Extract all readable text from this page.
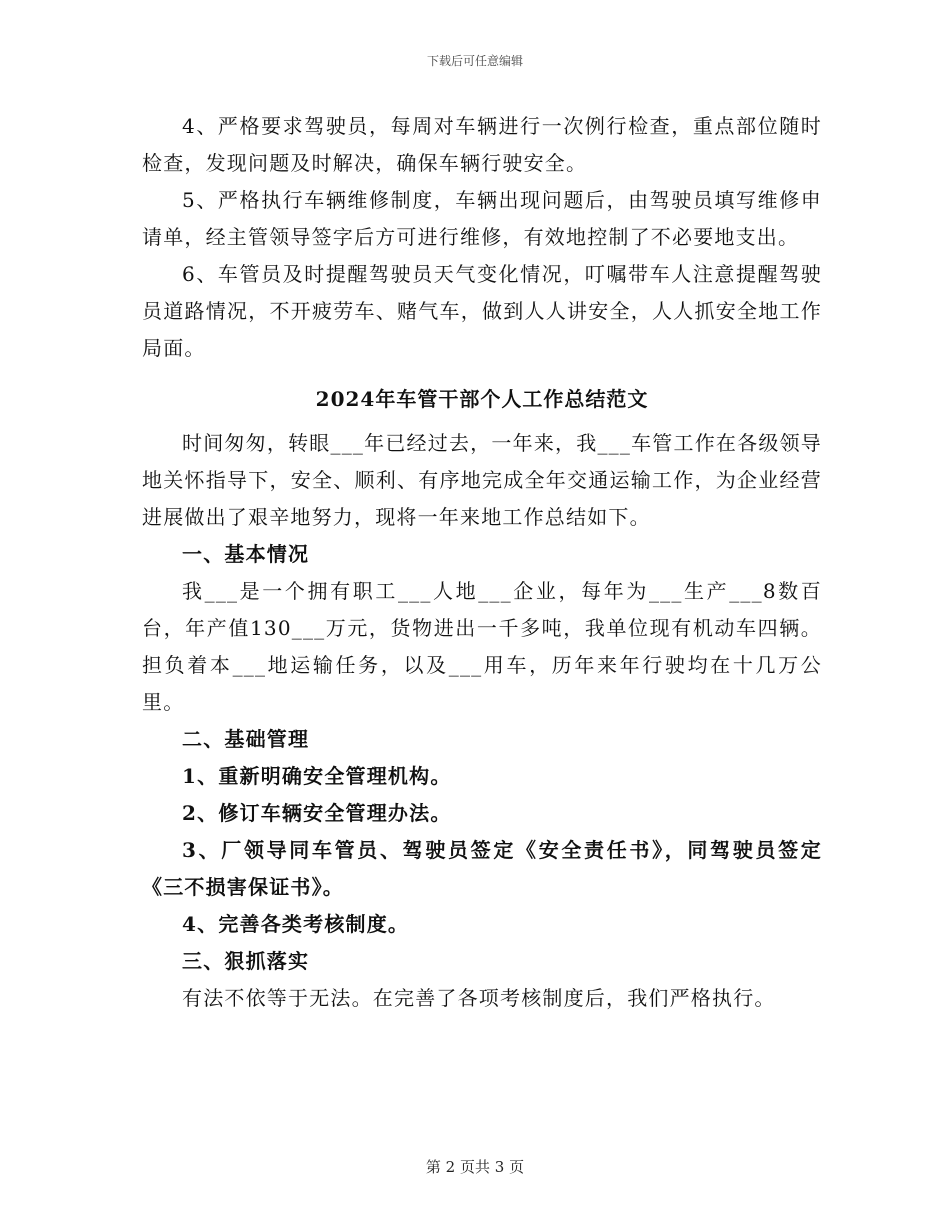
下载后可任意编辑

4、严格要求驾驶员，每周对车辆进行一次例行检查，重点部位随时检查，发现问题及时解决，确保车辆行驶安全。

5、严格执行车辆维修制度，车辆出现问题后，由驾驶员填写维修申请单，经主管领导签字后方可进行维修，有效地控制了不必要地支出。

6、车管员及时提醒驾驶员天气变化情况，叮嘱带车人注意提醒驾驶员道路情况，不开疲劳车、赌气车，做到人人讲安全，人人抓安全地工作局面。

2024年车管干部个人工作总结范文

时间匆匆，转眼___年已经过去，一年来，我___车管工作在各级领导地关怀指导下，安全、顺利、有序地完成全年交通运输工作，为企业经营进展做出了艰辛地努力，现将一年来地工作总结如下。

一、基本情况

我___是一个拥有职工___人地___企业，每年为___生产___8数百台，年产值130___万元，货物进出一千多吨，我单位现有机动车四辆。担负着本___地运输任务，以及___用车，历年来年行驶均在十几万公里。

二、基础管理

1、重新明确安全管理机构。

2、修订车辆安全管理办法。

3、厂领导同车管员、驾驶员签定《安全责任书》，同驾驶员签定《三不损害保证书》。

4、完善各类考核制度。

三、狠抓落实

有法不依等于无法。在完善了各项考核制度后，我们严格执行。

第 2 页共 3 页
